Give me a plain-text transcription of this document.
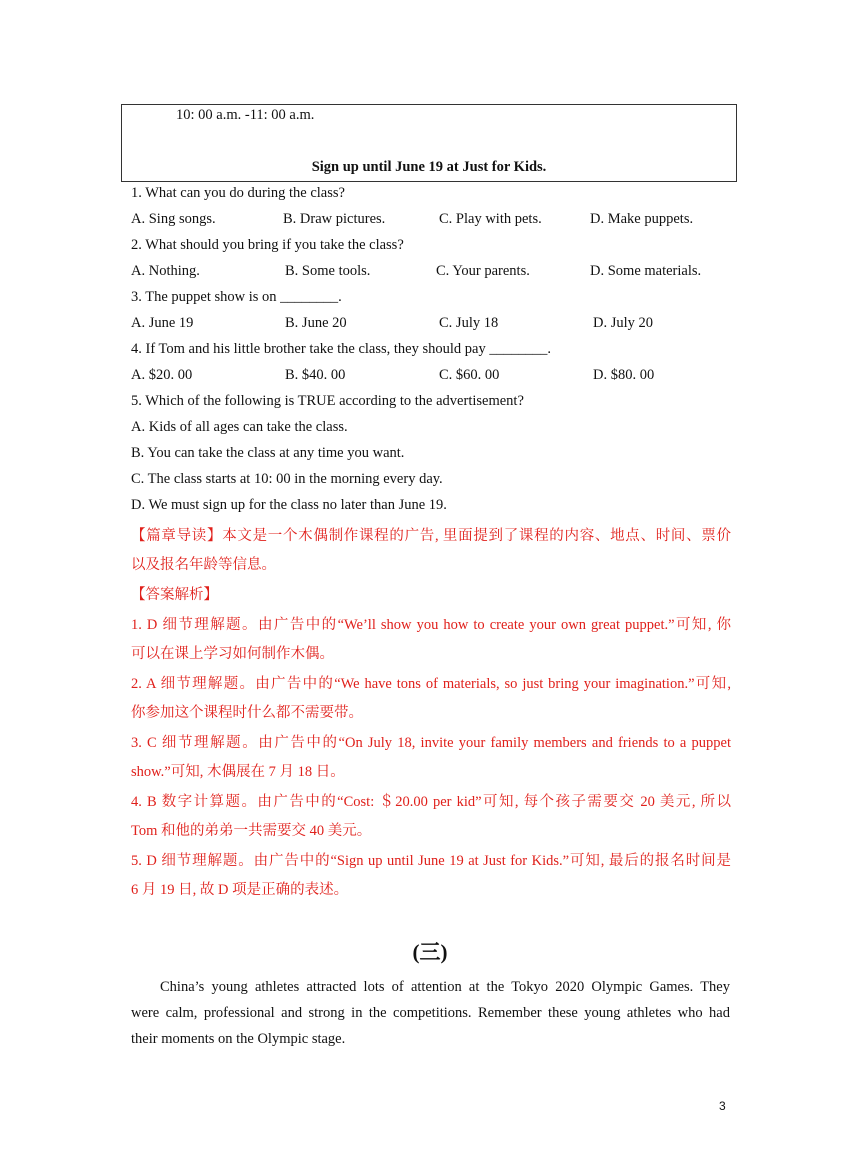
10: 00 a.m. -11: 00 a.m.
Sign up until June 19 at Just for Kids.
1. What can you do during the class?
A. Sing songs.	B. Draw pictures.	C. Play with pets.	D. Make puppets.
2. What should you bring if you take the class?
A. Nothing.	B. Some tools.	C. Your parents.	D. Some materials.
3. The puppet show is on ________.
A. June 19	B. June 20	C. July 18	D. July 20
4. If Tom and his little brother take the class, they should pay ________.
A. $20. 00	B. $40. 00	C. $60. 00	D. $80. 00
5. Which of the following is TRUE according to the advertisement?
A. Kids of all ages can take the class.
B. You can take the class at any time you want.
C. The class starts at 10: 00 in the morning every day.
D. We must sign up for the class no later than June 19.
【篇章导读】本文是一个木偶制作课程的广告, 里面提到了课程的内容、地点、时间、票价
以及报名年龄等信息。
【答案解析】
1. D 细节理解题。由广告中的“We’ll show you how to create your own great puppet.”可知, 你
可以在课上学习如何制作木偶。
2. A 细节理解题。由广告中的“We have tons of materials, so just bring your imagination.”可知,
你参加这个课程时什么都不需要带。
3. C 细节理解题。由广告中的“On July 18, invite your family members and friends to a puppet
show.”可知, 木偶展在 7 月 18 日。
4. B 数字计算题。由广告中的“Cost: ＄20.00 per kid”可知, 每个孩子需要交 20 美元, 所以
Tom 和他的弟弟一共需要交 40 美元。
5. D 细节理解题。由广告中的“Sign up until June 19 at Just for Kids.”可知, 最后的报名时间是
6 月 19 日, 故 D 项是正确的表述。
(三)
China’s young athletes attracted lots of attention at the Tokyo 2020 Olympic Games. They
were calm, professional and strong in the competitions. Remember these young athletes who had
their moments on the Olympic stage.
3
